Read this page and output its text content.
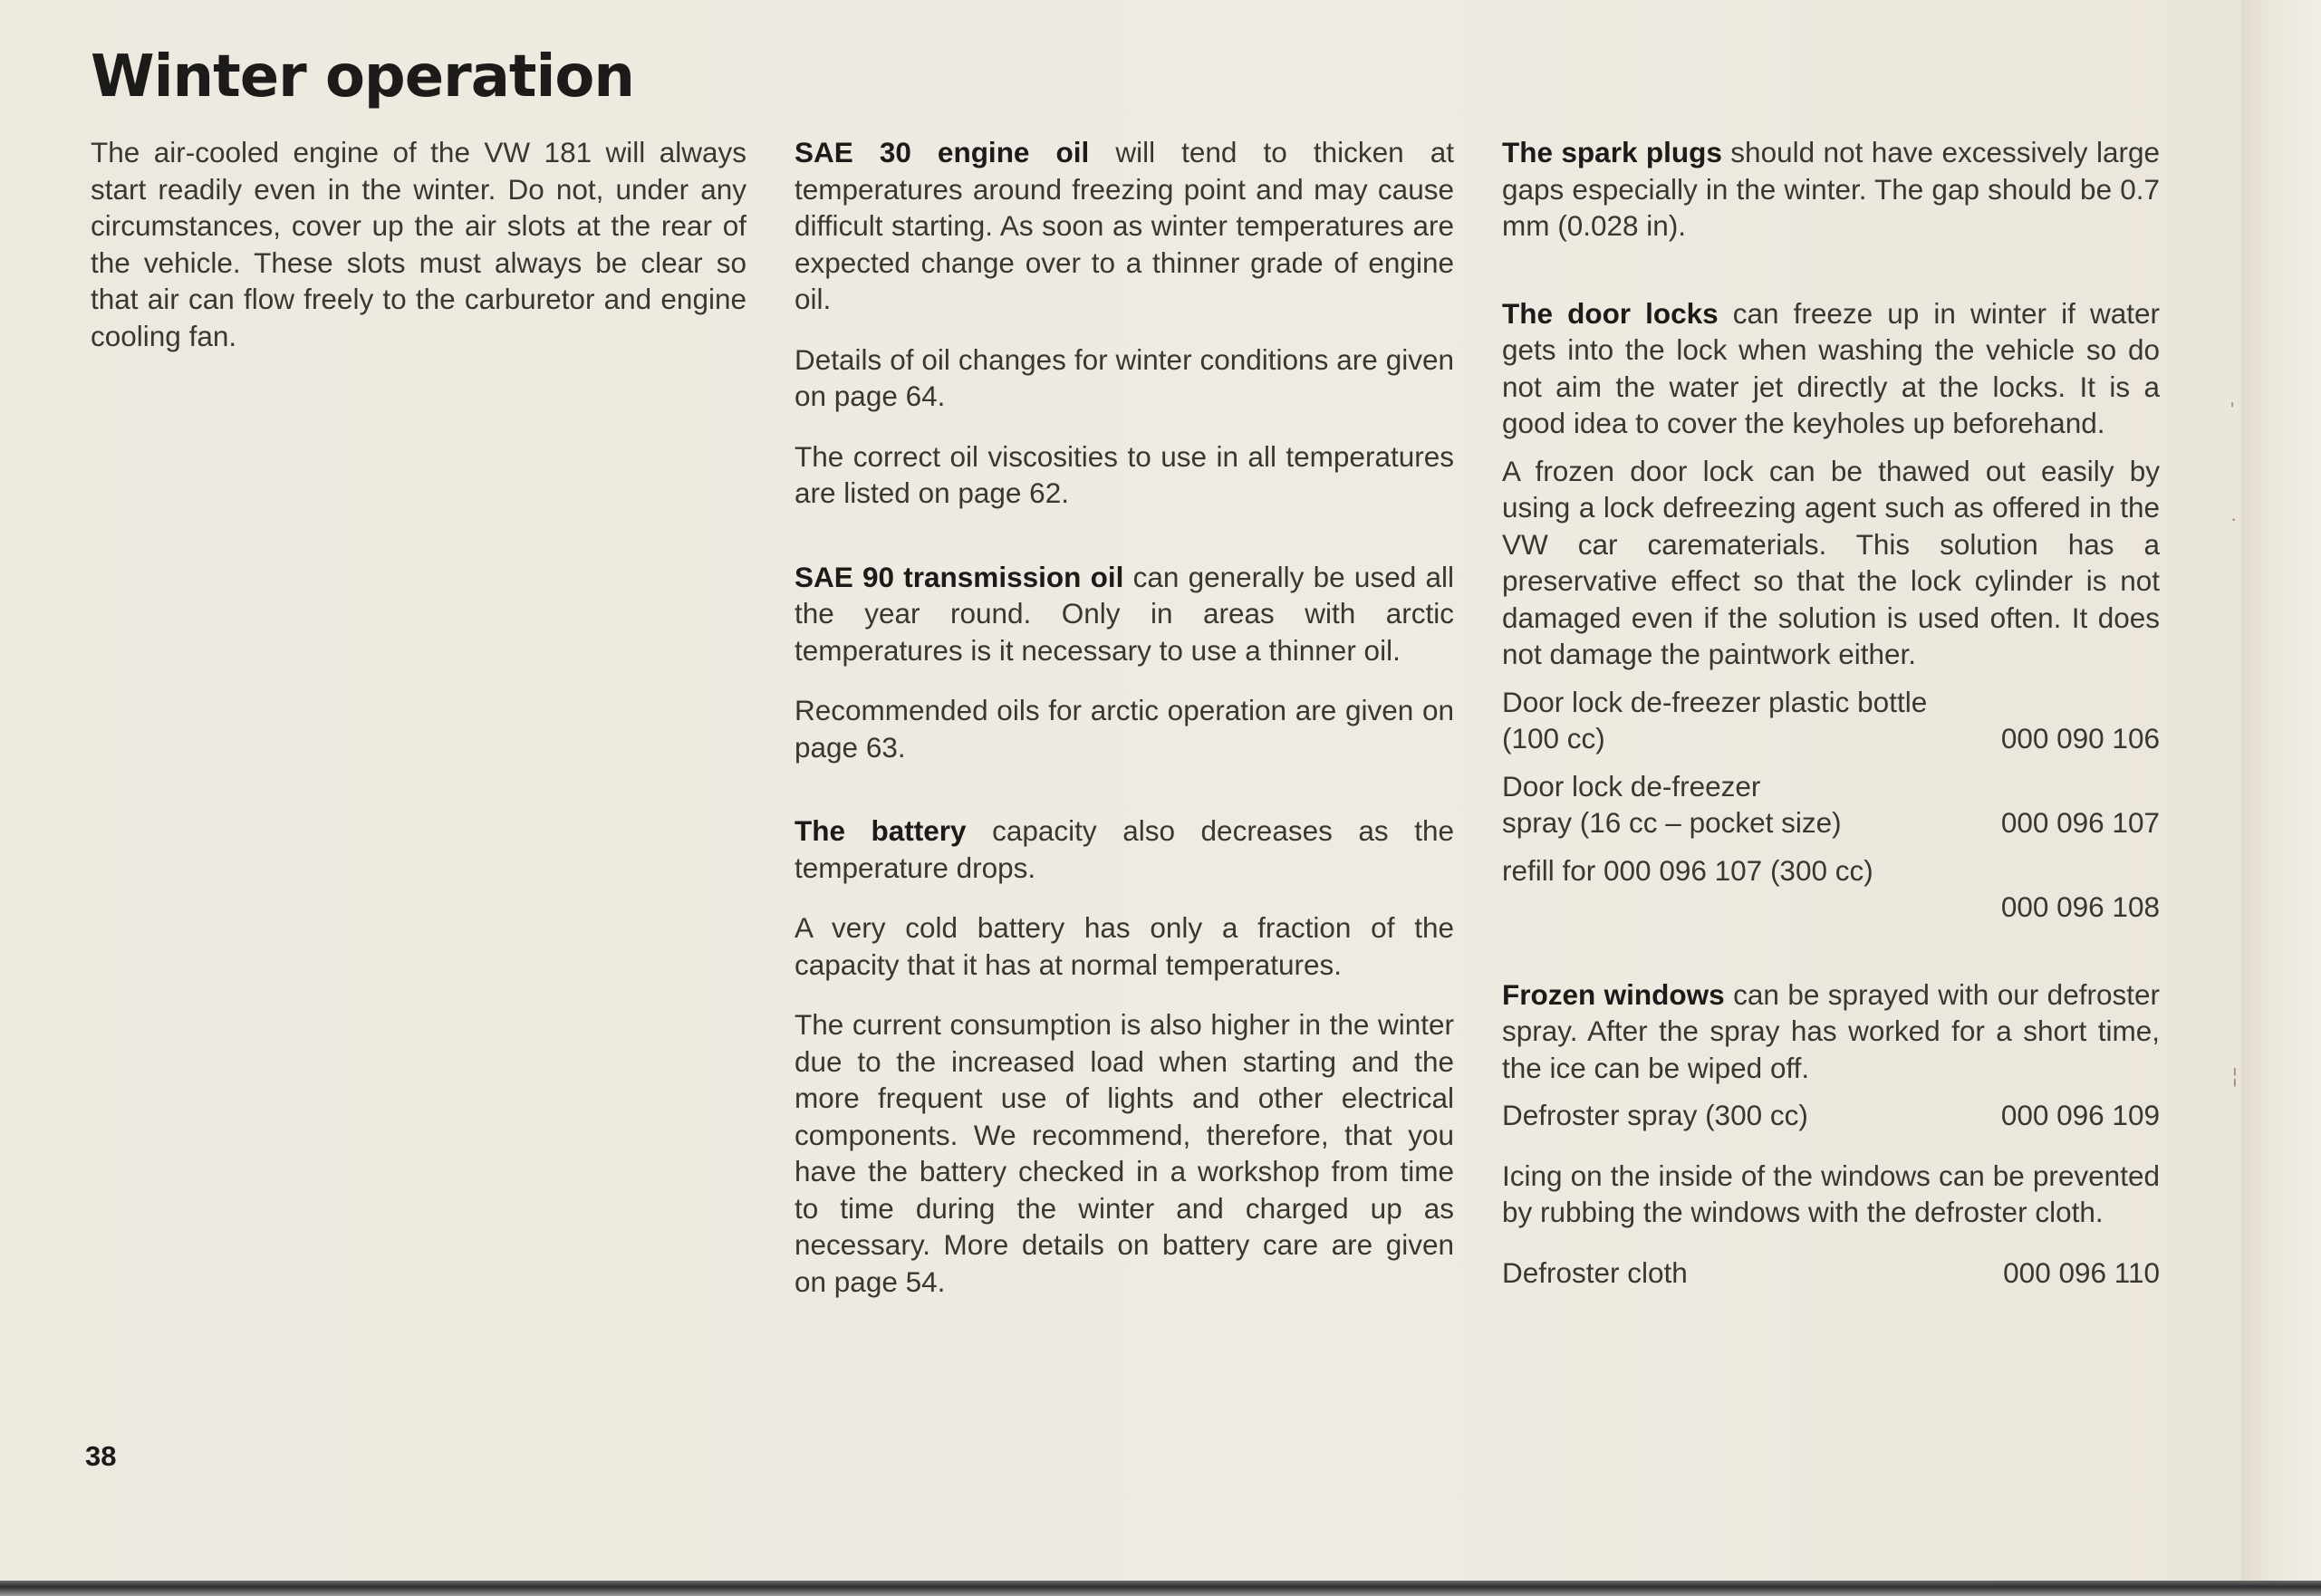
Winter operation

The air-cooled engine of the VW 181 will always start readily even in the winter. Do not, under any circumstances, cover up the air slots at the rear of the vehicle. These slots must always be clear so that air can flow freely to the carburetor and engine cooling fan.

SAE 30 engine oil will tend to thicken at temperatures around freezing point and may cause difficult starting. As soon as winter temperatures are expected change over to a thinner grade of engine oil.

Details of oil changes for winter conditions are given on page 64.

The correct oil viscosities to use in all temperatures are listed on page 62.

SAE 90 transmission oil can generally be used all the year round. Only in areas with arctic temperatures is it necessary to use a thinner oil.

Recommended oils for arctic operation are given on page 63.

The battery capacity also decreases as the temperature drops.

A very cold battery has only a fraction of the capacity that it has at normal temperatures.

The current consumption is also higher in the winter due to the increased load when starting and the more frequent use of lights and other electrical components. We recommend, therefore, that you have the battery checked in a workshop from time to time during the winter and charged up as necessary. More details on battery care are given on page 54.

The spark plugs should not have excessively large gaps especially in the winter. The gap should be 0.7 mm (0.028 in).

The door locks can freeze up in winter if water gets into the lock when washing the vehicle so do not aim the water jet directly at the locks. It is a good idea to cover the keyholes up beforehand.

A frozen door lock can be thawed out easily by using a lock defreezing agent such as offered in the VW car carematerials. This solution has a preservative effect so that the lock cylinder is not damaged even if the solution is used often. It does not damage the paintwork either.

Door lock de-freezer plastic bottle
(100 cc)	000 090 106
Door lock de-freezer
spray (16 cc – pocket size)	000 096 107
refill for 000 096 107 (300 cc)
000 096 108

Frozen windows can be sprayed with our defroster spray. After the spray has worked for a short time, the ice can be wiped off.

Defroster spray (300 cc)	000 096 109

Icing on the inside of the windows can be prevented by rubbing the windows with the defroster cloth.

Defroster cloth	000 096 110
38
'
·
¦
